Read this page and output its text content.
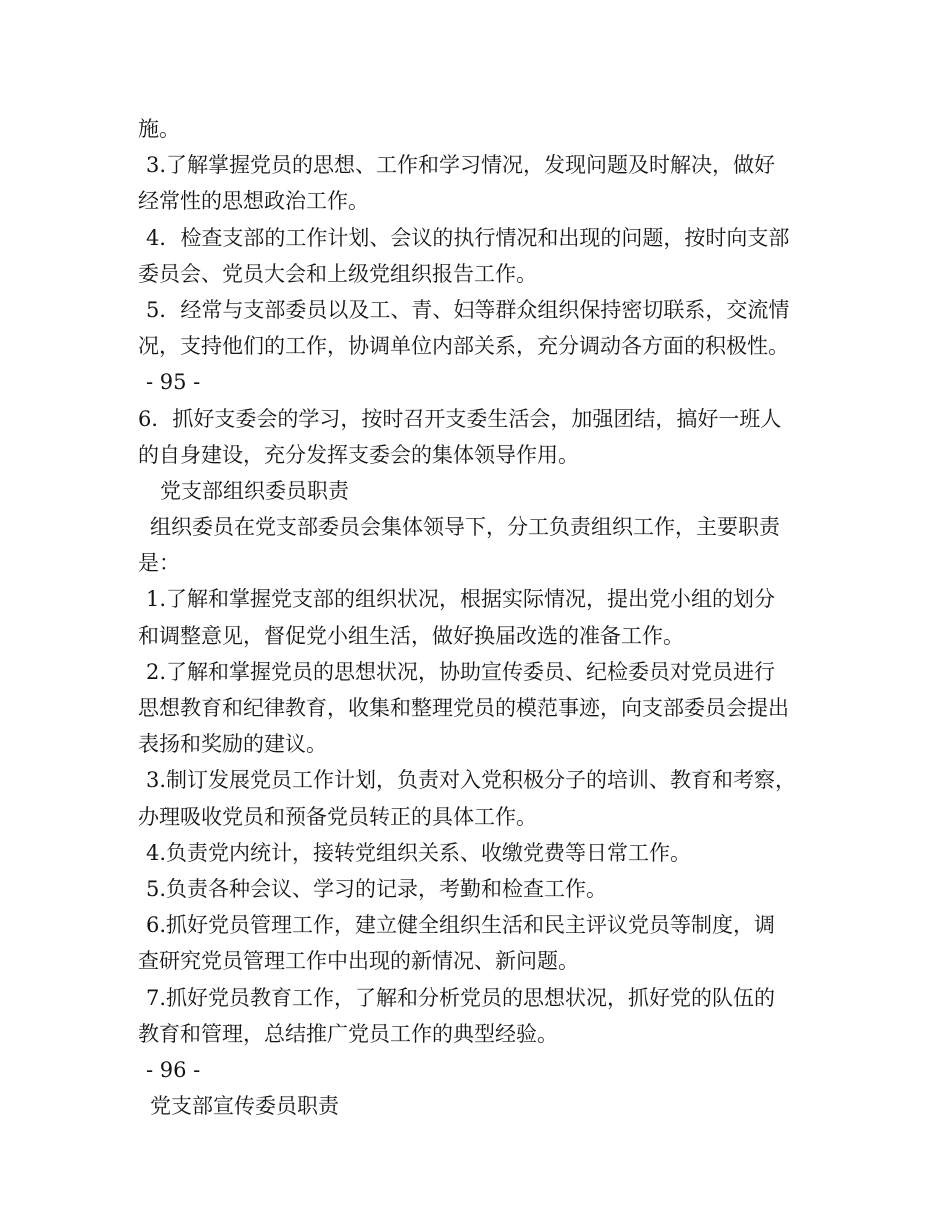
施。
3.了解掌握党员的思想、工作和学习情况，发现问题及时解决，做好
经常性的思想政治工作。
4．检查支部的工作计划、会议的执行情况和出现的问题，按时向支部
委员会、党员大会和上级党组织报告工作。
5．经常与支部委员以及工、青、妇等群众组织保持密切联系，交流情
况，支持他们的工作，协调单位内部关系，充分调动各方面的积极性。
- 95 -
6．抓好支委会的学习，按时召开支委生活会，加强团结，搞好一班人
的自身建设，充分发挥支委会的集体领导作用。
党支部组织委员职责
组织委员在党支部委员会集体领导下，分工负责组织工作，主要职责
是：
1.了解和掌握党支部的组织状况，根据实际情况，提出党小组的划分
和调整意见，督促党小组生活，做好换届改选的准备工作。
2.了解和掌握党员的思想状况，协助宣传委员、纪检委员对党员进行
思想教育和纪律教育，收集和整理党员的模范事迹，向支部委员会提出
表扬和奖励的建议。
3.制订发展党员工作计划，负责对入党积极分子的培训、教育和考察，
办理吸收党员和预备党员转正的具体工作。
4.负责党内统计，接转党组织关系、收缴党费等日常工作。
5.负责各种会议、学习的记录，考勤和检查工作。
6.抓好党员管理工作，建立健全组织生活和民主评议党员等制度，调
查研究党员管理工作中出现的新情况、新问题。
7.抓好党员教育工作，了解和分析党员的思想状况，抓好党的队伍的
教育和管理，总结推广党员工作的典型经验。
- 96 -
党支部宣传委员职责
